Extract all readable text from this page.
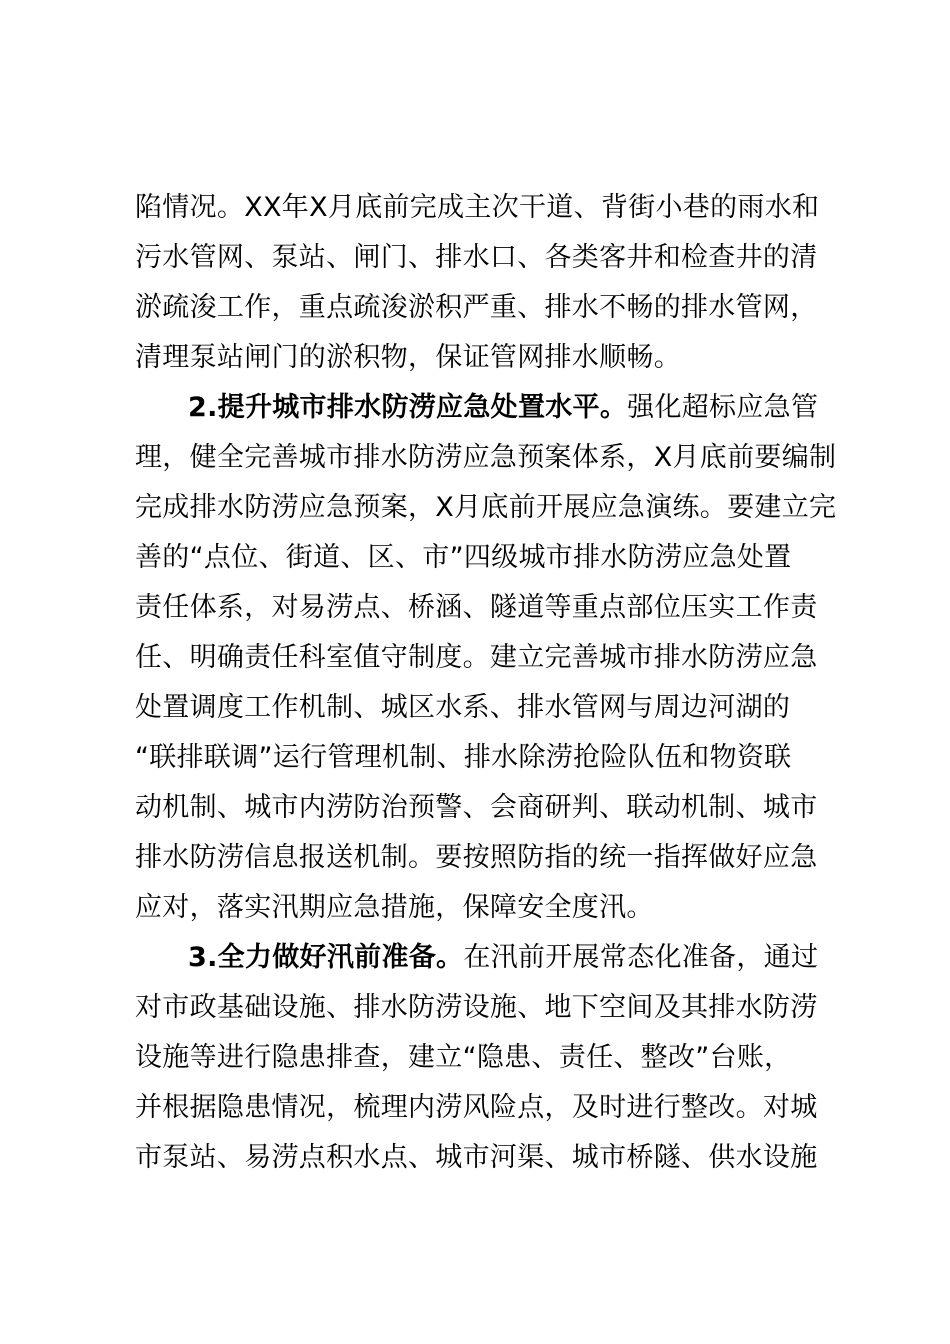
陷情况。XX年X月底前完成主次干道、背街小巷的雨水和
污水管网、泵站、闸门、排水口、各类客井和检查井的清
淤疏浚工作，重点疏浚淤积严重、排水不畅的排水管网，
清理泵站闸门的淤积物，保证管网排水顺畅。
2.提升城市排水防涝应急处置水平。强化超标应急管
理，健全完善城市排水防涝应急预案体系，X月底前要编制
完成排水防涝应急预案，X月底前开展应急演练。要建立完
善的“点位、街道、区、市”四级城市排水防涝应急处置
责任体系，对易涝点、桥涵、隧道等重点部位压实工作责
任、明确责任科室值守制度。建立完善城市排水防涝应急
处置调度工作机制、城区水系、排水管网与周边河湖的
“联排联调”运行管理机制、排水除涝抢险队伍和物资联
动机制、城市内涝防治预警、会商研判、联动机制、城市
排水防涝信息报送机制。要按照防指的统一指挥做好应急
应对，落实汛期应急措施，保障安全度汛。
3.全力做好汛前准备。在汛前开展常态化准备，通过
对市政基础设施、排水防涝设施、地下空间及其排水防涝
设施等进行隐患排查，建立“隐患、责任、整改”台账，
并根据隐患情况，梳理内涝风险点，及时进行整改。对城
市泵站、易涝点积水点、城市河渠、城市桥隧、供水设施
